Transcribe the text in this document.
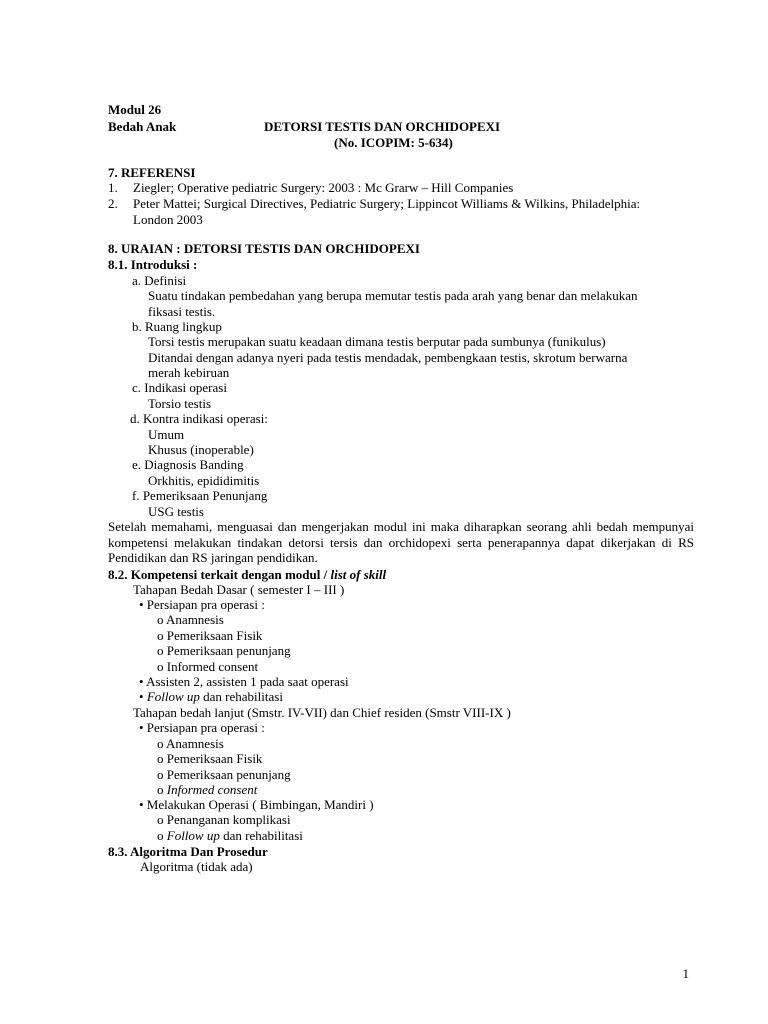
Modul 26
Bedah Anak	DETORSI TESTIS DAN ORCHIDOPEXI
(No. ICOPIM: 5-634)
7. REFERENSI
1. Ziegler; Operative pediatric Surgery: 2003 : Mc Grarw – Hill Companies
2. Peter Mattei; Surgical Directives, Pediatric Surgery; Lippincot Williams & Wilkins, Philadelphia:
London 2003
8. URAIAN : DETORSI TESTIS DAN ORCHIDOPEXI
8.1. Introduksi :
a. Definisi
Suatu tindakan pembedahan yang berupa memutar testis pada arah yang benar dan melakukan
fiksasi testis.
b. Ruang lingkup
Torsi testis merupakan suatu keadaan dimana testis berputar pada sumbunya (funikulus)
Ditandai dengan adanya nyeri pada testis mendadak, pembengkaan testis, skrotum berwarna
merah kebiruan
c. Indikasi operasi
Torsio testis
d. Kontra indikasi operasi:
Umum
Khusus (inoperable)
e. Diagnosis Banding
Orkhitis, epididimitis
f. Pemeriksaan Penunjang
USG testis
Setelah memahami, menguasai dan mengerjakan modul ini maka diharapkan seorang ahli bedah mempunyai kompetensi melakukan tindakan detorsi tersis dan orchidopexi serta penerapannya dapat dikerjakan di RS Pendidikan dan RS jaringan pendidikan.
8.2. Kompetensi terkait dengan modul / list of skill
Tahapan Bedah Dasar ( semester I – III )
• Persiapan pra operasi :
o Anamnesis
o Pemeriksaan Fisik
o Pemeriksaan penunjang
o Informed consent
• Assisten 2, assisten 1 pada saat operasi
• Follow up dan rehabilitasi
Tahapan bedah lanjut (Smstr. IV-VII) dan Chief residen (Smstr VIII-IX )
• Persiapan pra operasi :
o Anamnesis
o Pemeriksaan Fisik
o Pemeriksaan penunjang
o Informed consent
• Melakukan Operasi ( Bimbingan, Mandiri )
o Penanganan komplikasi
o Follow up dan rehabilitasi
8.3. Algoritma Dan Prosedur
Algoritma (tidak ada)
1
